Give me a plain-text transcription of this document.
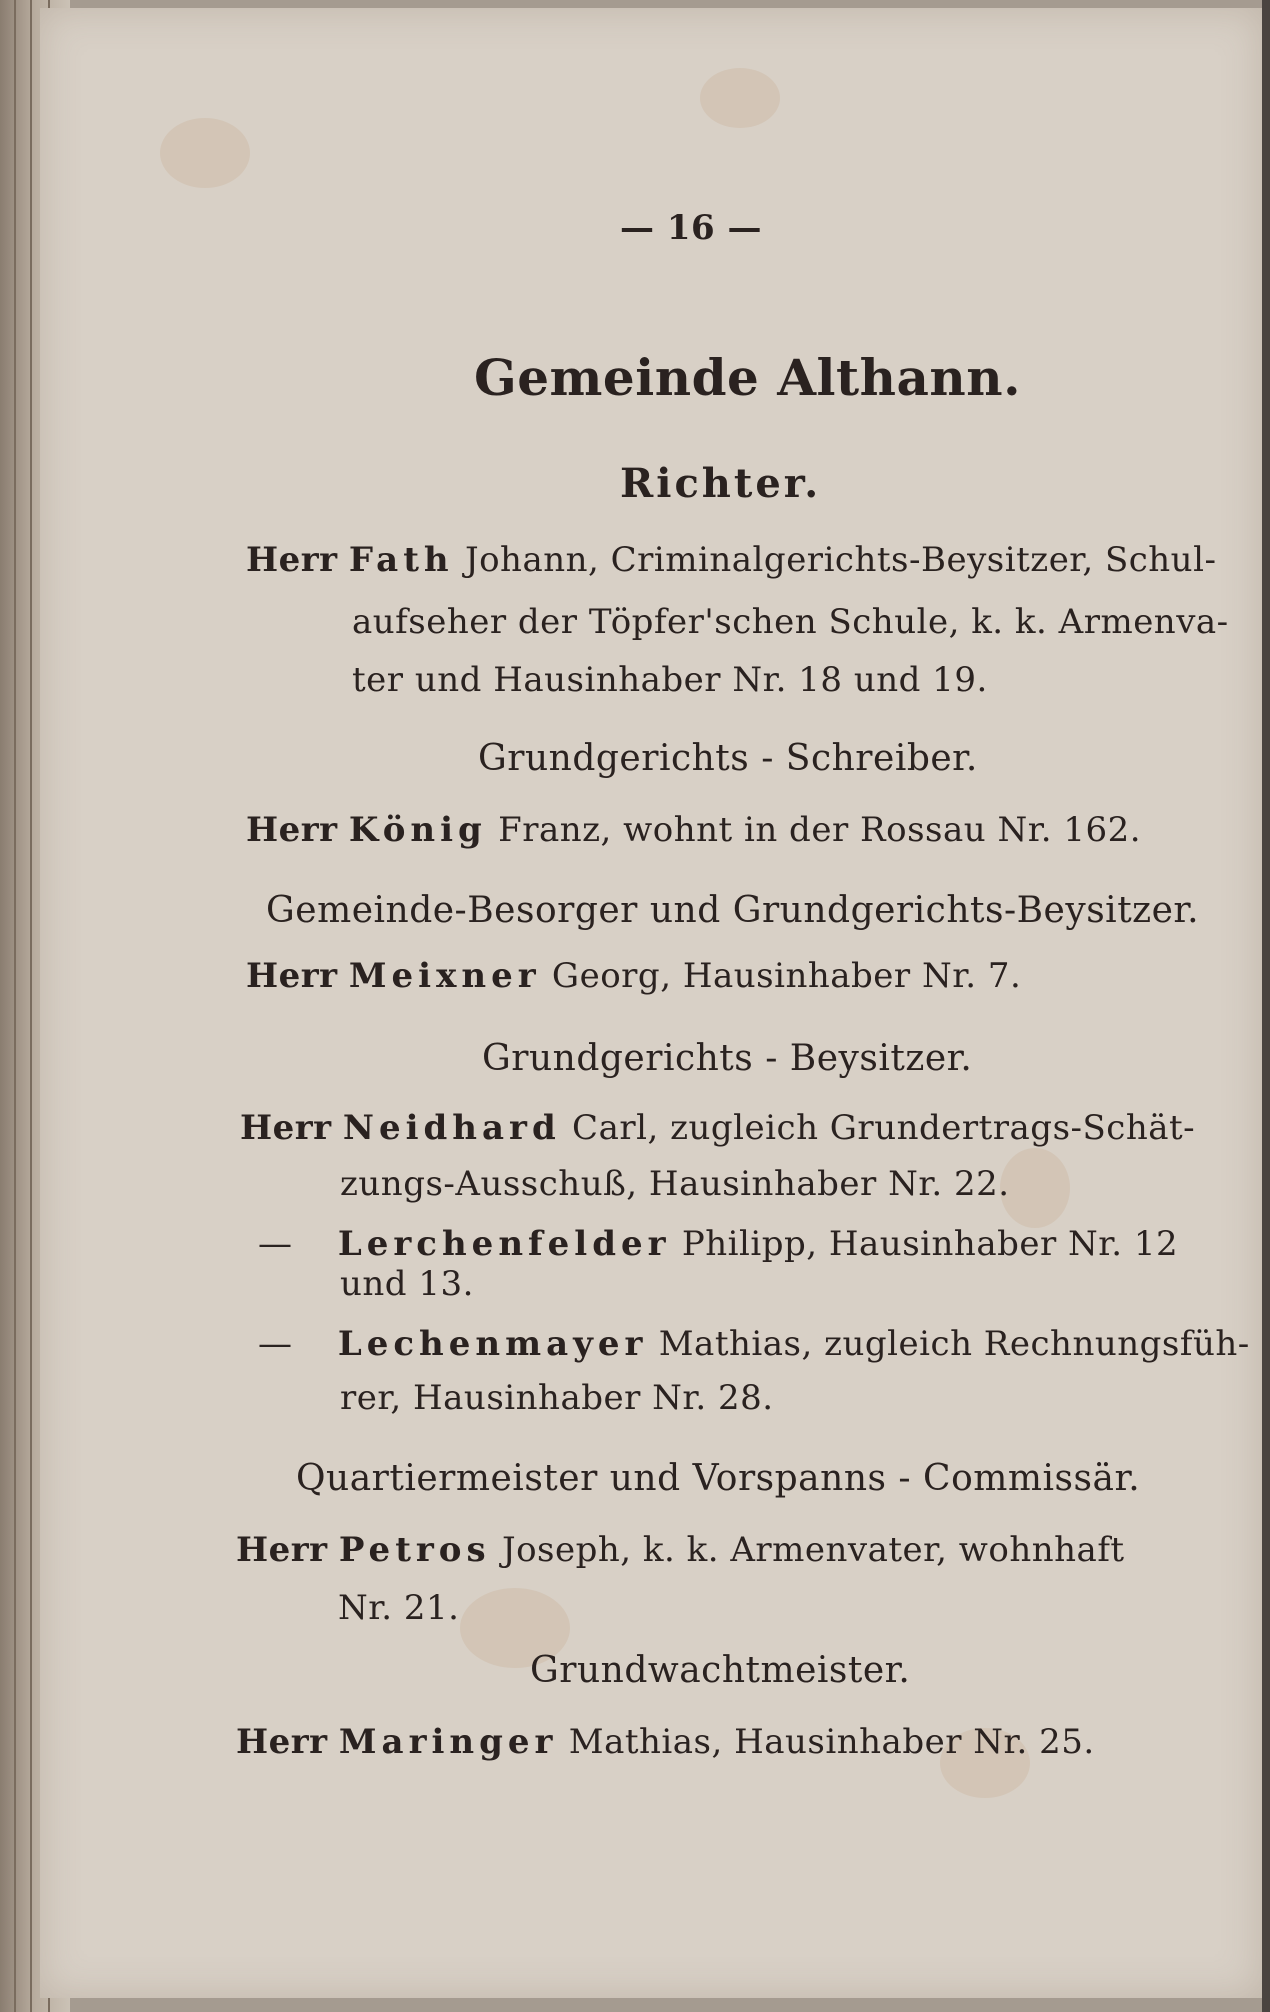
— 16 —
Gemeinde Althann.
Richter.
Herr Fath Johann, Criminalgerichts-Beysitzer, Schul-
aufseher der Töpfer'schen Schule, k. k. Armenva-
ter und Hausinhaber Nr. 18 und 19.
Grundgerichts - Schreiber.
Herr König Franz, wohnt in der Rossau Nr. 162.
Gemeinde-Besorger und Grundgerichts-Beysitzer.
Herr Meixner Georg, Hausinhaber Nr. 7.
Grundgerichts - Beysitzer.
Herr Neidhard Carl, zugleich Grundertrags-Schät-
zungs-Ausschuß, Hausinhaber Nr. 22.
— Lerchenfelder Philipp, Hausinhaber Nr. 12
und 13.
— Lechenmayer Mathias, zugleich Rechnungsfüh-
rer, Hausinhaber Nr. 28.
Quartiermeister und Vorspanns - Commissär.
Herr Petros Joseph, k. k. Armenvater, wohnhaft
Nr. 21.
Grundwachtmeister.
Herr Maringer Mathias, Hausinhaber Nr. 25.
